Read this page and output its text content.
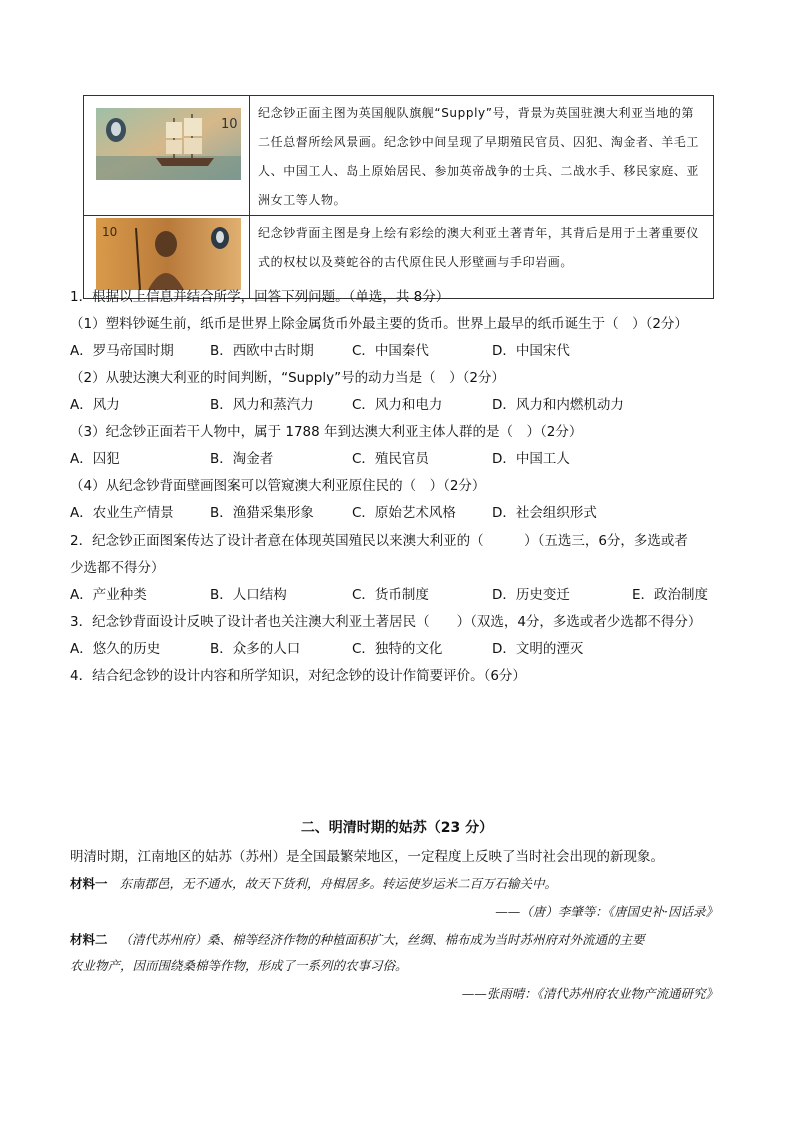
10	纪念钞正面主图为英国舰队旗舰“Supply”号，背景为英国驻澳大利亚当地的第二任总督所绘风景画。纪念钞中间呈现了早期殖民官员、囚犯、淘金者、羊毛工人、中国工人、岛上原始居民、参加英帝战争的士兵、二战水手、移民家庭、亚洲女工等人物。

10	纪念钞背面主图是身上绘有彩绘的澳大利亚土著青年，其背后是用于土著重要仪式的权杖以及葵蛇谷的古代原住民人形壁画与手印岩画。
1．根据以上信息并结合所学，回答下列问题。（单选，共 8分）
（1）塑料钞诞生前，纸币是世界上除金属货币外最主要的货币。世界上最早的纸币诞生于（　）（2分）
A．罗马帝国时期	B．西欧中古时期	C．中国秦代	D．中国宋代
（2）从驶达澳大利亚的时间判断，“Supply”号的动力当是（　）（2分）
A．风力	B．风力和蒸汽力	C．风力和电力	D．风力和内燃机动力
（3）纪念钞正面若干人物中，属于 1788 年到达澳大利亚主体人群的是（　）（2分）
A．囚犯	B．淘金者	C．殖民官员	D．中国工人
（4）从纪念钞背面壁画图案可以管窥澳大利亚原住民的（　）（2分）
A．农业生产情景	B．渔猎采集形象	C．原始艺术风格	D．社会组织形式
2．纪念钞正面图案传达了设计者意在体现英国殖民以来澳大利亚的（　　　）（五选三，6分，多选或者
少选都不得分）
A．产业种类	B．人口结构	C．货币制度	D．历史变迁	E．政治制度
3．纪念钞背面设计反映了设计者也关注澳大利亚土著居民（　　）（双选，4分，多选或者少选都不得分）
A．悠久的历史	B．众多的人口	C．独特的文化	D．文明的湮灭
4．结合纪念钞的设计内容和所学知识，对纪念钞的设计作简要评价。（6分）
二、明清时期的姑苏（23 分）
明清时期，江南地区的姑苏（苏州）是全国最繁荣地区，一定程度上反映了当时社会出现的新现象。
材料一 东南郡邑，无不通水，故天下货利，舟楫居多。转运使岁运米二百万石输关中。
——（唐）李肇等：《唐国史补·因话录》
材料二 （清代苏州府）桑、棉等经济作物的种植面积扩大，丝绸、棉布成为当时苏州府对外流通的主要
农业物产，因而围绕桑棉等作物，形成了一系列的农事习俗。
——张雨晴：《清代苏州府农业物产流通研究》
